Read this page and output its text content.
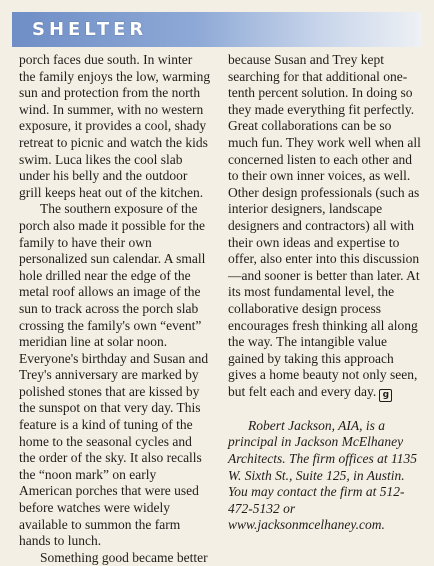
SHELTER

porch faces due south. In winter the family enjoys the low, warming sun and protection from the north wind. In summer, with no western exposure, it provides a cool, shady retreat to picnic and watch the kids swim. Luca likes the cool slab under his belly and the outdoor grill keeps heat out of the kitchen.

The southern exposure of the porch also made it possible for the family to have their own personalized sun calendar. A small hole drilled near the edge of the metal roof allows an image of the sun to track across the porch slab crossing the family's own “event” meridian line at solar noon. Everyone's birthday and Susan and Trey's anniversary are marked by polished stones that are kissed by the sunspot on that very day. This feature is a kind of tuning of the home to the seasonal cycles and the order of the sky. It also recalls the “noon mark” on early American porches that were used before watches were widely available to summon the farm hands to lunch.

Something good became better

because Susan and Trey kept searching for that additional one-tenth percent solution. In doing so they made everything fit perfectly. Great collaborations can be so much fun. They work well when all concerned listen to each other and to their own inner voices, as well. Other design professionals (such as interior designers, landscape designers and contractors) all with their own ideas and expertise to offer, also enter into this discussion—and sooner is better than later. At its most fundamental level, the collaborative design process encourages fresh thinking all along the way. The intangible value gained by taking this approach gives a home beauty not only seen, but felt each and every day. g

Robert Jackson, AIA, is a principal in Jackson McElhaney Architects. The firm offices at 1135 W. Sixth St., Suite 125, in Austin. You may contact the firm at 512-472-5132 or www.jacksonmcelhaney.com.
